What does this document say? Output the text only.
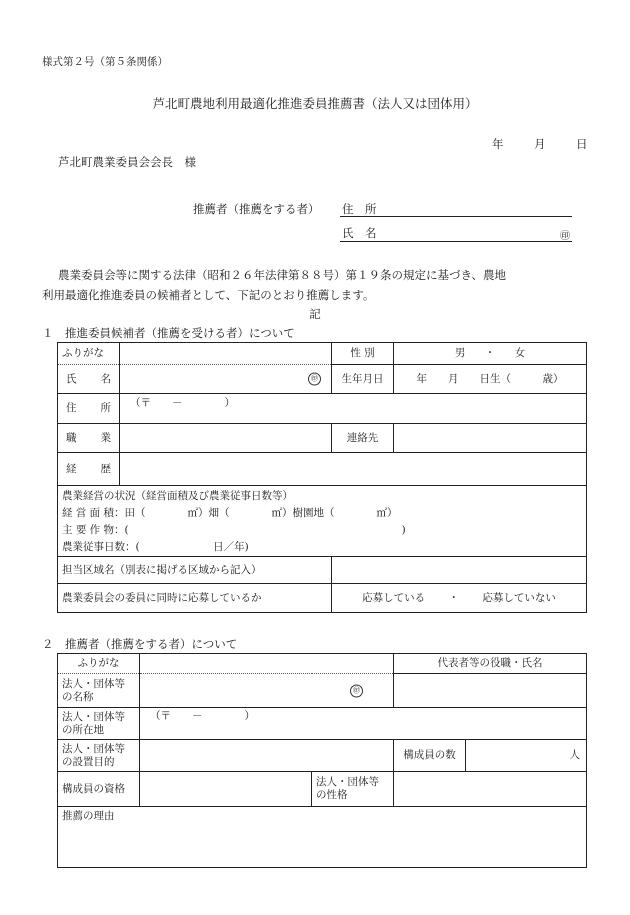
様式第２号（第５条関係）
芦北町農地利用最適化推進委員推薦書（法人又は団体用）
年	月	日
芦北町農業委員会会長　様
推薦者（推薦をする者） 住　所
氏　名	㊞
農業委員会等に関する法律（昭和２６年法律第８８号）第１９条の規定に基づき、農地
利用最適化推進委員の候補者として、下記のとおり推薦します。
記
１　推進委員候補者（推薦を受ける者）について
ふりがな		性 別	男 ・ 女

氏 名	㊞	生年月日	年　　月　　日生（　　　歳）

住 所	（〒　　－　　　　）		

職 業		連絡先	

経 歴			

農業経営の状況（経営面積及び農業従事日数等）
経 営 面 積：田（　　　　㎡）畑（　　　　㎡）樹園地（　　　　㎡）
主 要 作 物：(　　　　　　　　　　　　　　　　　　　　　　　　　　)
農業従事日数：(　　　　　　　日／年)			

担当区域名（別表に掲げる区域から記入）			
農業委員会の委員に同時に応募しているか		応募している ・ 応募していない	
２　推薦者（推薦をする者）について
ふりがな			代表者等の役職・氏名	

法人・団体等
の名称	㊞			

法人・団体等
の所在地	（〒　　－　　　　）			

法人・団体等
の設置目的			構成員の数	人
構成員の資格		法人・団体等
の性格		

推薦の理由				
